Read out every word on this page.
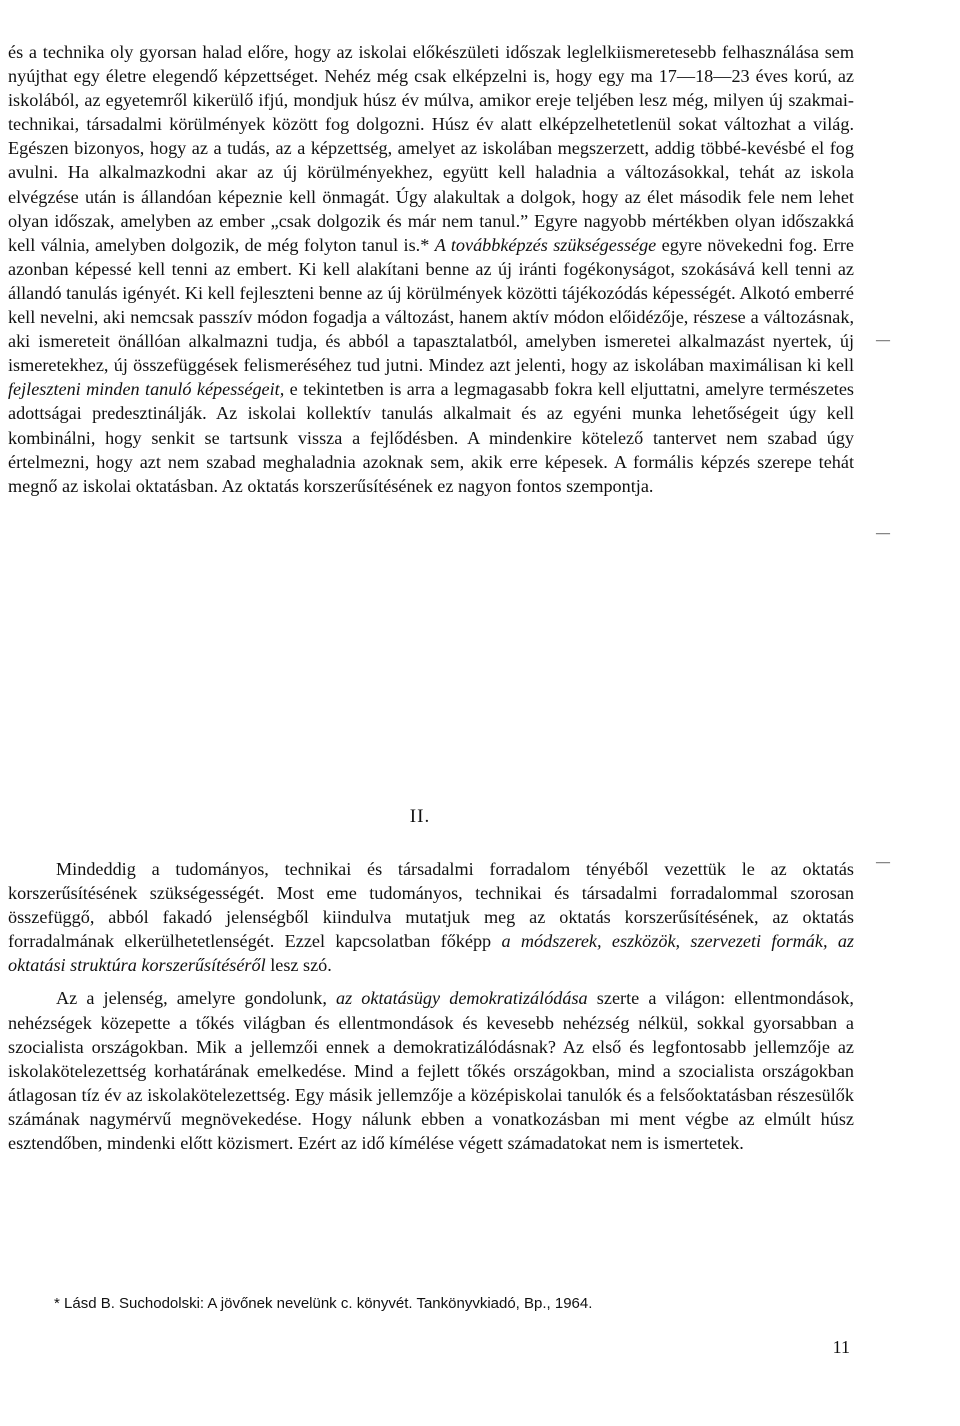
és a technika oly gyorsan halad előre, hogy az iskolai előkészületi időszak leglelkiismeretesebb felhasználása sem nyújthat egy életre elegendő képzettséget. Nehéz még csak elképzelni is, hogy egy ma 17—18—23 éves korú, az iskolából, az egyetemről kikerülő ifjú, mondjuk húsz év múlva, amikor ereje teljében lesz még, milyen új szakmai-technikai, társadalmi körülmények között fog dolgozni. Húsz év alatt elképzelhetetlenül sokat változhat a világ. Egészen bizonyos, hogy az a tudás, az a képzettség, amelyet az iskolában megszerzett, addig többé-kevésbé el fog avulni. Ha alkalmazkodni akar az új körülményekhez, együtt kell haladnia a változásokkal, tehát az iskola elvégzése után is állandóan képeznie kell önmagát. Úgy alakultak a dolgok, hogy az élet második fele nem lehet olyan időszak, amelyben az ember „csak dolgozik és már nem tanul.” Egyre nagyobb mértékben olyan időszakká kell válnia, amelyben dolgozik, de még folyton tanul is.* A továbbképzés szükségessége egyre növekedni fog. Erre azonban képessé kell tenni az embert. Ki kell alakítani benne az új iránti fogékonyságot, szokásává kell tenni az állandó tanulás igényét. Ki kell fejleszteni benne az új körülmények közötti tájékozódás képességét. Alkotó emberré kell nevelni, aki nemcsak passzív módon fogadja a változást, hanem aktív módon előidézője, részese a változásnak, aki ismereteit önállóan alkalmazni tudja, és abból a tapasztalatból, amelyben ismeretei alkalmazást nyertek, új ismeretekhez, új összefüggések felismeréséhez tud jutni. Mindez azt jelenti, hogy az iskolában maximálisan ki kell fejleszteni minden tanuló képességeit, e tekintetben is arra a legmagasabb fokra kell eljuttatni, amelyre természetes adottságai predesztinálják. Az iskolai kollektív tanulás alkalmait és az egyéni munka lehetőségeit úgy kell kombinálni, hogy senkit se tartsunk vissza a fejlődésben. A mindenkire kötelező tantervet nem szabad úgy értelmezni, hogy azt nem szabad meghaladnia azoknak sem, akik erre képesek. A formális képzés szerepe tehát megnő az iskolai oktatásban. Az oktatás korszerűsítésének ez nagyon fontos szempontja.

—
—
II.
—

Mindeddig a tudományos, technikai és társadalmi forradalom tényéből vezettük le az oktatás korszerűsítésének szükségességét. Most eme tudományos, technikai és társadalmi forradalommal szorosan összefüggő, abból fakadó jelenségből kiindulva mutatjuk meg az oktatás korszerűsítésének, az oktatás forradalmának elkerülhetetlenségét. Ezzel kapcsolatban főképp a módszerek, eszközök, szervezeti formák, az oktatási struktúra korszerűsítéséről lesz szó.

Az a jelenség, amelyre gondolunk, az oktatásügy demokratizálódása szerte a világon: ellentmondások, nehézségek közepette a tőkés világban és ellentmondások és kevesebb nehézség nélkül, sokkal gyorsabban a szocialista országokban. Mik a jellemzői ennek a demokratizálódásnak? Az első és legfontosabb jellemzője az iskolakötelezettség korhatárának emelkedése. Mind a fejlett tőkés országokban, mind a szocialista országokban átlagosan tíz év az iskolakötelezettség. Egy másik jellemzője a középiskolai tanulók és a felsőoktatásban részesülők számának nagymérvű megnövekedése. Hogy nálunk ebben a vonatkozásban mi ment végbe az elmúlt húsz esztendőben, mindenki előtt közismert. Ezért az idő kímélése végett számadatokat nem is ismertetek.

* Lásd B. Suchodolski: A jövőnek nevelünk c. könyvét. Tankönyvkiadó, Bp., 1964.
11
